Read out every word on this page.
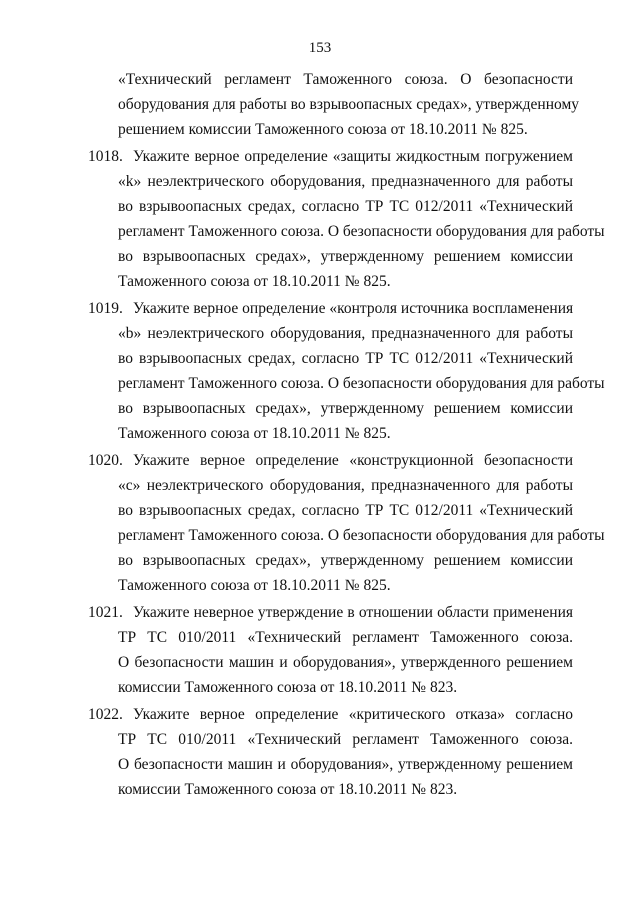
153
«Технический регламент Таможенного союза. О безопасности
оборудования для работы во взрывоопасных средах», утвержденному
решением комиссии Таможенного союза от 18.10.2011 № 825.
1018. Укажите верное определение «защиты жидкостным погружением
«k» неэлектрического оборудования, предназначенного для работы
во взрывоопасных средах, согласно ТР ТС 012/2011 «Технический
регламент Таможенного союза. О безопасности оборудования для работы
во взрывоопасных средах», утвержденному решением комиссии
Таможенного союза от 18.10.2011 № 825.
1019. Укажите верное определение «контроля источника воспламенения
«b» неэлектрического оборудования, предназначенного для работы
во взрывоопасных средах, согласно ТР ТС 012/2011 «Технический
регламент Таможенного союза. О безопасности оборудования для работы
во взрывоопасных средах», утвержденному решением комиссии
Таможенного союза от 18.10.2011 № 825.
1020. Укажите верное определение «конструкционной безопасности
«c» неэлектрического оборудования, предназначенного для работы
во взрывоопасных средах, согласно ТР ТС 012/2011 «Технический
регламент Таможенного союза. О безопасности оборудования для работы
во взрывоопасных средах», утвержденному решением комиссии
Таможенного союза от 18.10.2011 № 825.
1021. Укажите неверное утверждение в отношении области применения
ТР ТС 010/2011 «Технический регламент Таможенного союза.
О безопасности машин и оборудования», утвержденного решением
комиссии Таможенного союза от 18.10.2011 № 823.
1022. Укажите верное определение «критического отказа» согласно
ТР ТС 010/2011 «Технический регламент Таможенного союза.
О безопасности машин и оборудования», утвержденному решением
комиссии Таможенного союза от 18.10.2011 № 823.
